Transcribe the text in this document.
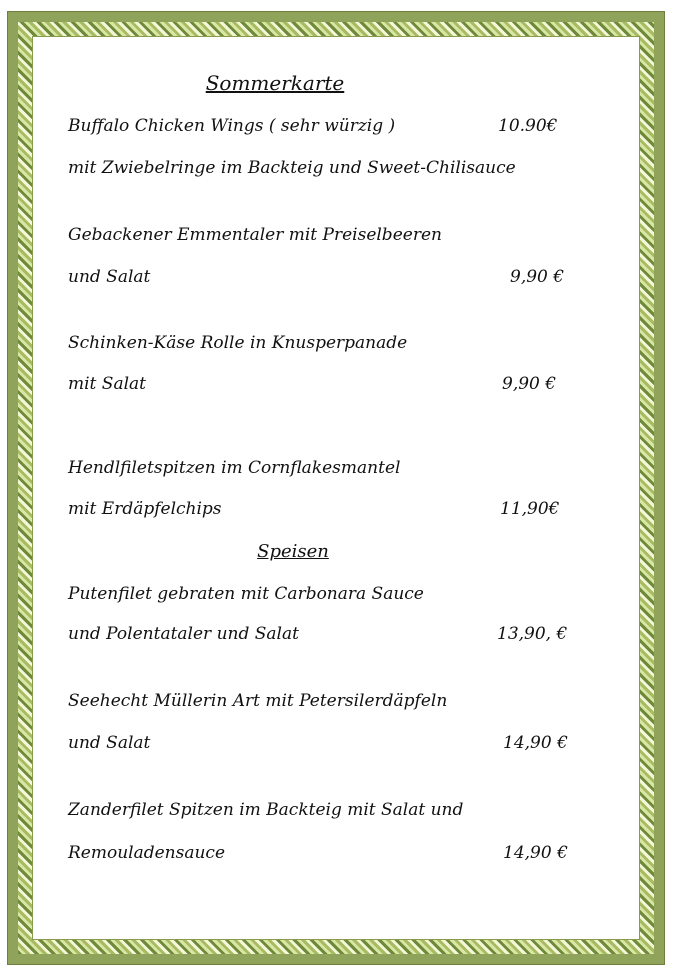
Sommerkarte
Buffalo Chicken Wings ( sehr würzig )	10.90€
mit Zwiebelringe im Backteig und Sweet-Chilisauce
Gebackener Emmentaler mit Preiselbeeren
und Salat	9,90 €
Schinken-Käse Rolle in Knusperpanade
mit Salat	9,90 €
Hendlfiletspitzen im Cornflakesmantel
mit Erdäpfelchips	11,90€
Speisen
Putenfilet gebraten mit Carbonara Sauce
und Polentataler und Salat	13,90, €
Seehecht Müllerin Art mit Petersilerdäpfeln
und Salat	14,90 €
Zanderfilet Spitzen im Backteig mit Salat und
Remouladensauce	14,90 €
